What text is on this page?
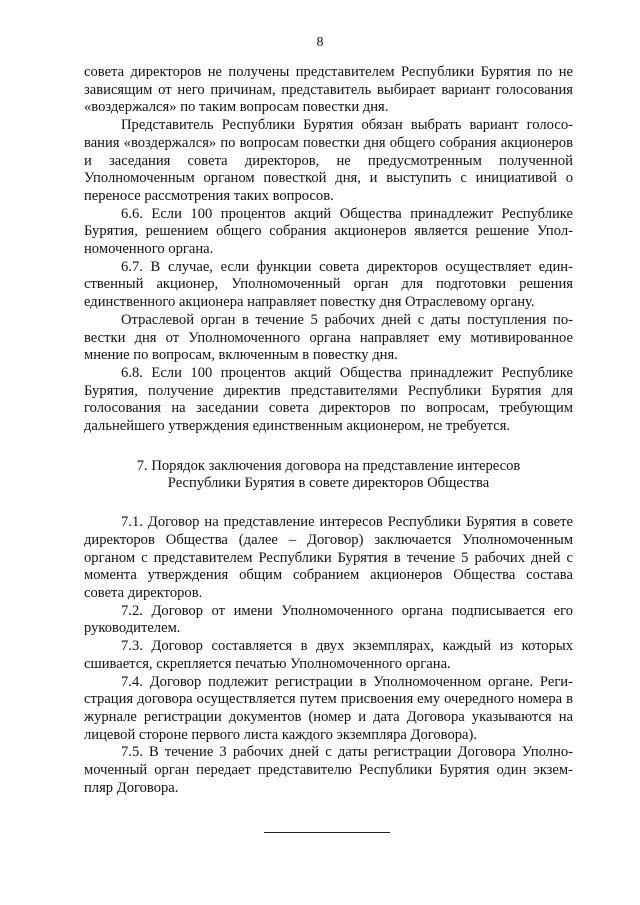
8

совета директоров не получены представителем Республики Бурятия по не зависящим от него причинам, представитель выбирает вариант голосования «воздержался» по таким вопросам повестки дня.

Представитель Республики Бурятия обязан выбрать вариант голосования «воздержался» по вопросам повестки дня общего собрания акционеров и заседания совета директоров, не предусмотренным полученной Уполномоченным органом повесткой дня, и выступить с инициативой о переносе рассмотрения таких вопросов.

6.6. Если 100 процентов акций Общества принадлежит Республике Бурятия, решением общего собрания акционеров является решение Уполномоченного органа.

6.7. В случае, если функции совета директоров осуществляет единственный акционер, Уполномоченный орган для подготовки решения единственного акционера направляет повестку дня Отраслевому органу.

Отраслевой орган в течение 5 рабочих дней с даты поступления повестки дня от Уполномоченного органа направляет ему мотивированное мнение по вопросам, включенным в повестку дня.

6.8. Если 100 процентов акций Общества принадлежит Республике Бурятия, получение директив представителями Республики Бурятия для голосования на заседании совета директоров по вопросам, требующим дальнейшего утверждения единственным акционером, не требуется.

7. Порядок заключения договора на представление интересов
Республики Бурятия в совете директоров Общества

7.1. Договор на представление интересов Республики Бурятия в совете директоров Общества (далее – Договор) заключается Уполномоченным органом с представителем Республики Бурятия в течение 5 рабочих дней с момента утверждения общим собранием акционеров Общества состава совета директоров.

7.2. Договор от имени Уполномоченного органа подписывается его руководителем.

7.3. Договор составляется в двух экземплярах, каждый из которых сшивается, скрепляется печатью Уполномоченного органа.

7.4. Договор подлежит регистрации в Уполномоченном органе. Регистрация договора осуществляется путем присвоения ему очередного номера в журнале регистрации документов (номер и дата Договора указываются на лицевой стороне первого листа каждого экземпляра Договора).

7.5. В течение 3 рабочих дней с даты регистрации Договора Уполномоченный орган передает представителю Республики Бурятия один экземпляр Договора.
